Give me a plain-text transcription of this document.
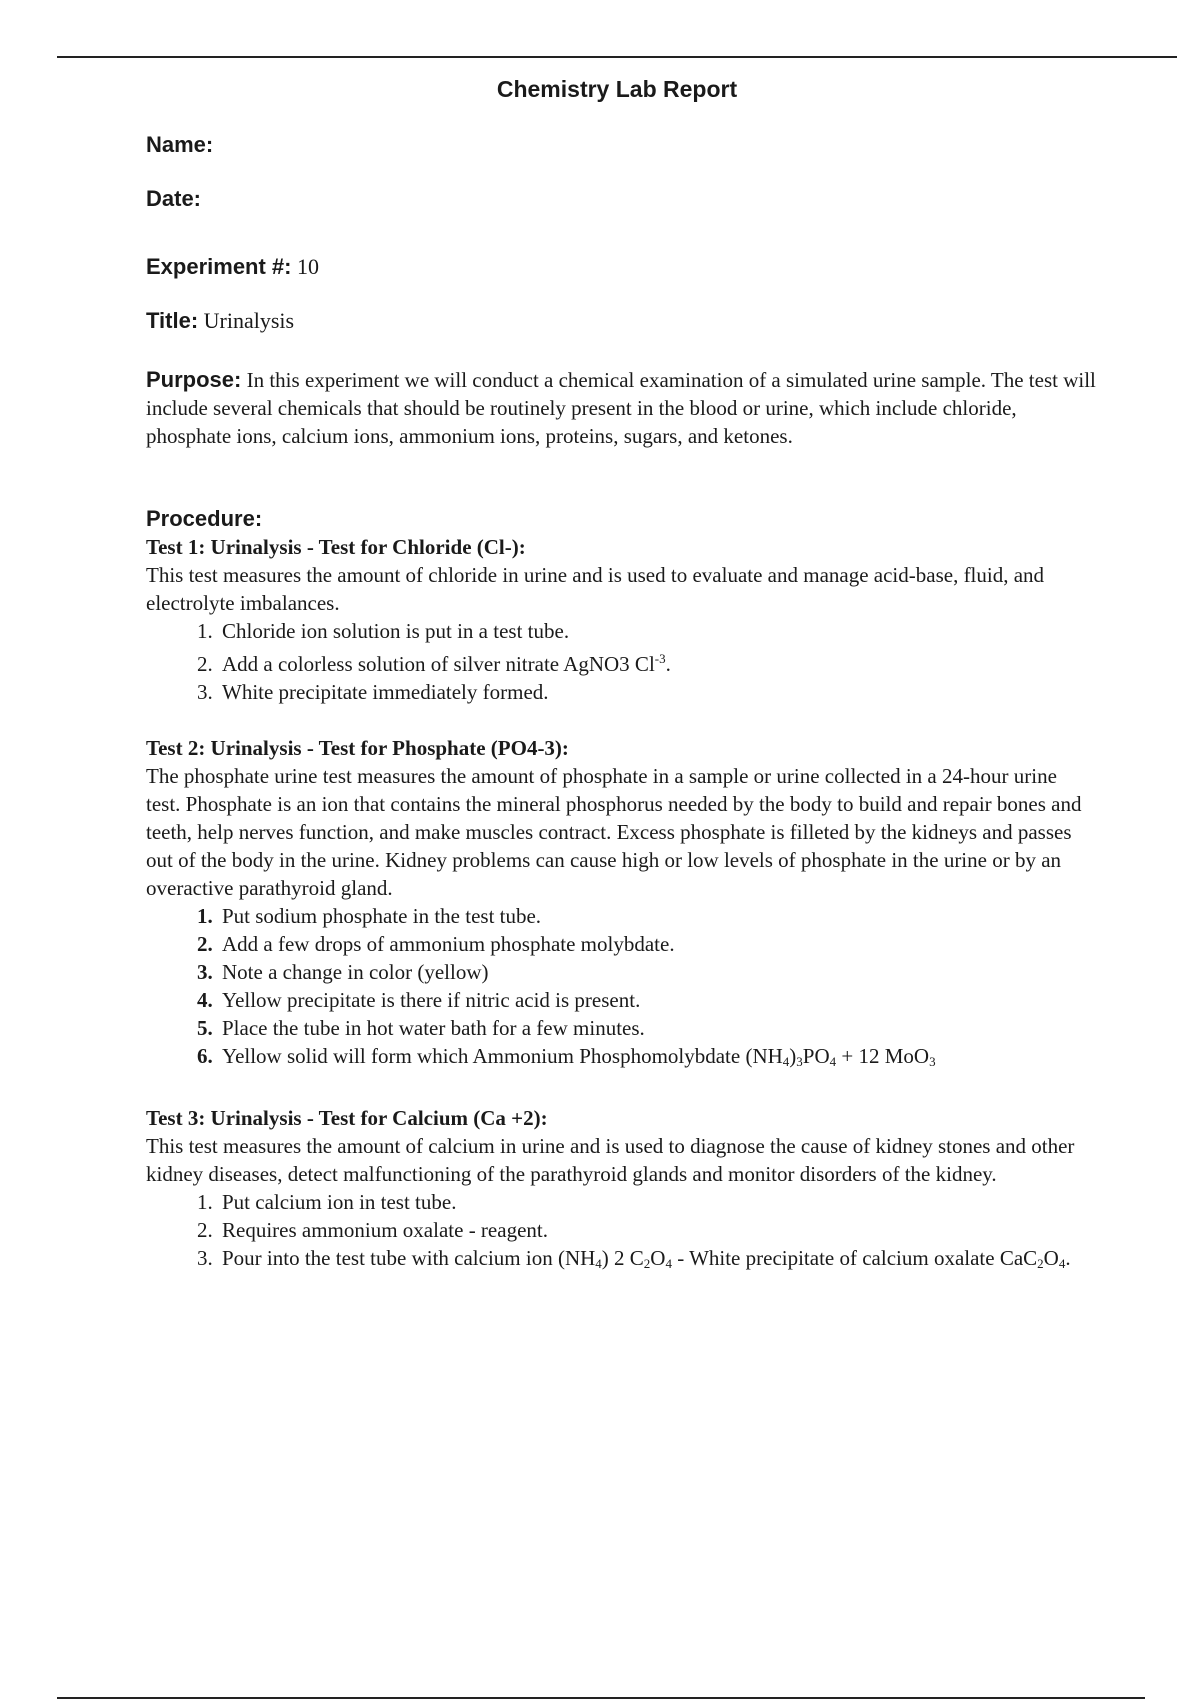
Chemistry Lab Report

Name:

Date:

Experiment #: 10

Title: Urinalysis

Purpose: In this experiment we will conduct a chemical examination of a simulated urine sample. The test will include several chemicals that should be routinely present in the blood or urine, which include chloride, phosphate ions, calcium ions, ammonium ions, proteins, sugars, and ketones.

Procedure:

Test 1: Urinalysis - Test for Chloride (Cl-):

This test measures the amount of chloride in urine and is used to evaluate and manage acid-base, fluid, and electrolyte imbalances.

1. Chloride ion solution is put in a test tube.
2. Add a colorless solution of silver nitrate AgNO3 $Cl^{-3}$.
3. White precipitate immediately formed.

Test 2: Urinalysis - Test for Phosphate (PO4-3):

The phosphate urine test measures the amount of phosphate in a sample or urine collected in a 24-hour urine test. Phosphate is an ion that contains the mineral phosphorus needed by the body to build and repair bones and teeth, help nerves function, and make muscles contract. Excess phosphate is filleted by the kidneys and passes out of the body in the urine. Kidney problems can cause high or low levels of phosphate in the urine or by an overactive parathyroid gland.

1. Put sodium phosphate in the test tube.
2. Add a few drops of ammonium phosphate molybdate.
3. Note a change in color (yellow)
4. Yellow precipitate is there if nitric acid is present.
5. Place the tube in hot water bath for a few minutes.
6. Yellow solid will form which Ammonium Phosphomolybdate $(NH_4)_3PO_4 + 12$ MoO$_3$

Test 3: Urinalysis - Test for Calcium (Ca +2):

This test measures the amount of calcium in urine and is used to diagnose the cause of kidney stones and other kidney diseases, detect malfunctioning of the parathyroid glands and monitor disorders of the kidney.

1. Put calcium ion in test tube.
2. Requires ammonium oxalate - reagent.
3. Pour into the test tube with calcium ion $(NH_4)$ 2 $C_2O_4$ - White precipitate of calcium oxalate $CaC_2O_4$.
